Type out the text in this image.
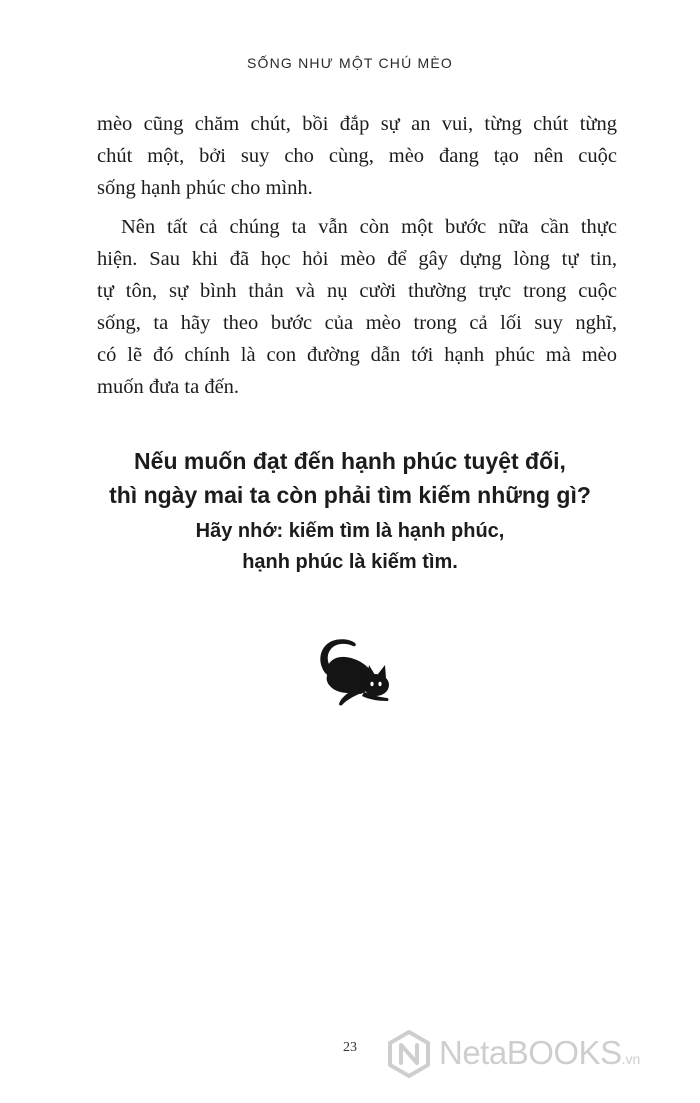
SỐNG NHƯ MỘT CHÚ MÈO
mèo cũng chăm chút, bồi đắp sự an vui, từng chút từng
chút một, bởi suy cho cùng, mèo đang tạo nên cuộc
sống hạnh phúc cho mình.
Nên tất cả chúng ta vẫn còn một bước nữa cần thực
hiện. Sau khi đã học hỏi mèo để gây dựng lòng tự tin,
tự tôn, sự bình thản và nụ cười thường trực trong cuộc
sống, ta hãy theo bước của mèo trong cả lối suy nghĩ,
có lẽ đó chính là con đường dẫn tới hạnh phúc mà mèo
muốn đưa ta đến.
Nếu muốn đạt đến hạnh phúc tuyệt đối,
thì ngày mai ta còn phải tìm kiếm những gì?
Hãy nhớ: kiếm tìm là hạnh phúc,
hạnh phúc là kiếm tìm.
23	NetaBOOKS.vn
